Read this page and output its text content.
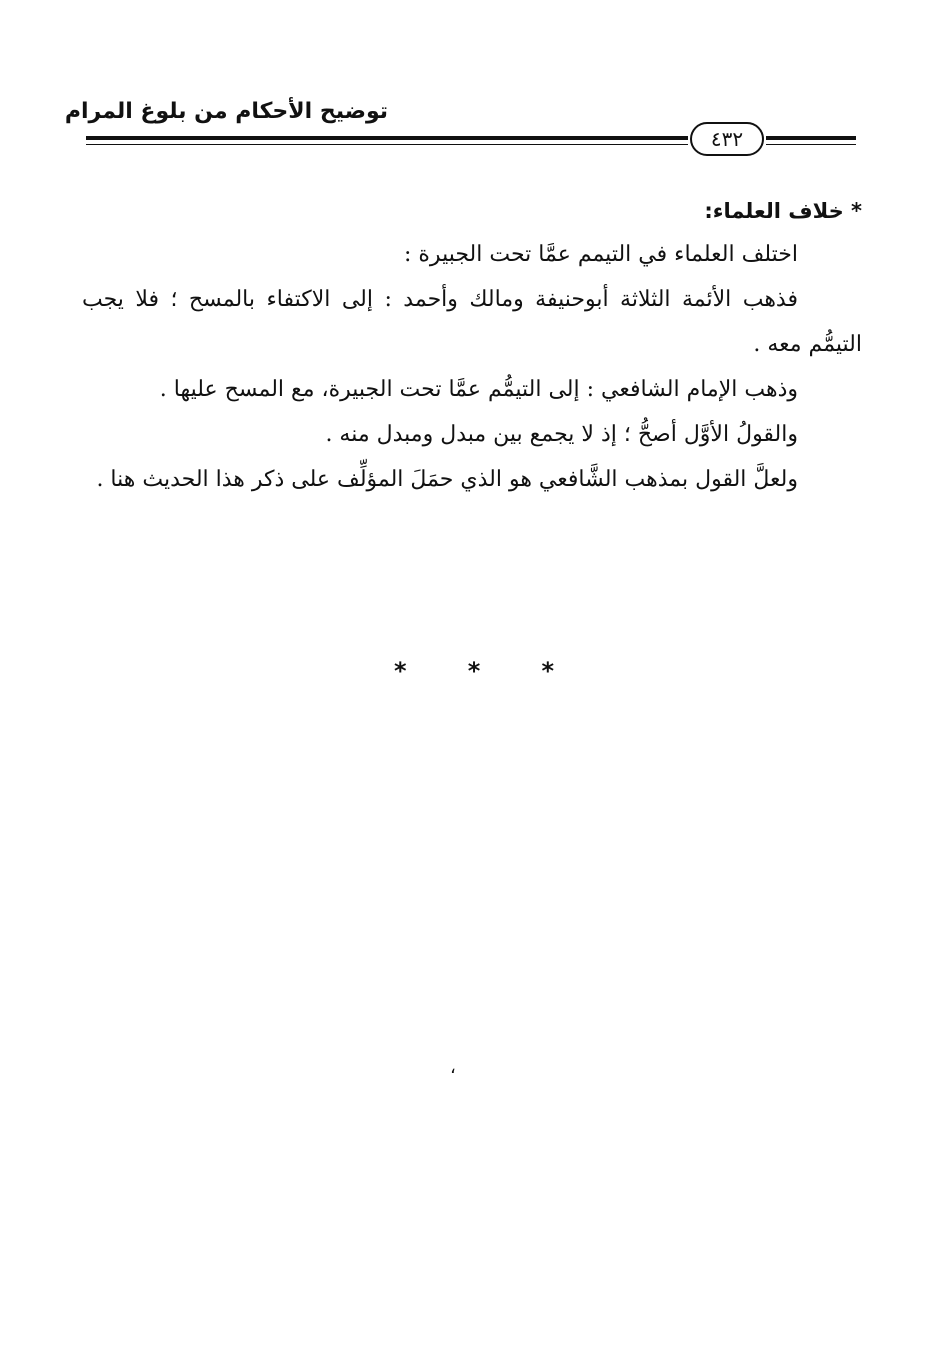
توضيح الأحكام من بلوغ المرام
٤٣٢

* خلاف العلماء:

اختلف العلماء في التيمم عمَّا تحت الجبيرة :

فذهب الأئمة الثلاثة أبوحنيفة ومالك وأحمد : إلى الاكتفاء بالمسح ؛ فلا يجب التيمُّم معه .

وذهب الإمام الشافعي : إلى التيمُّم عمَّا تحت الجبيرة، مع المسح عليها .

والقولُ الأوَّل أصحُّ ؛ إذ لا يجمع بين مبدل ومبدل منه .

ولعلَّ القول بمذهب الشَّافعي هو الذي حمَلَ المؤلِّف على ذكر هذا الحديث هنا .

*	*	*
،
